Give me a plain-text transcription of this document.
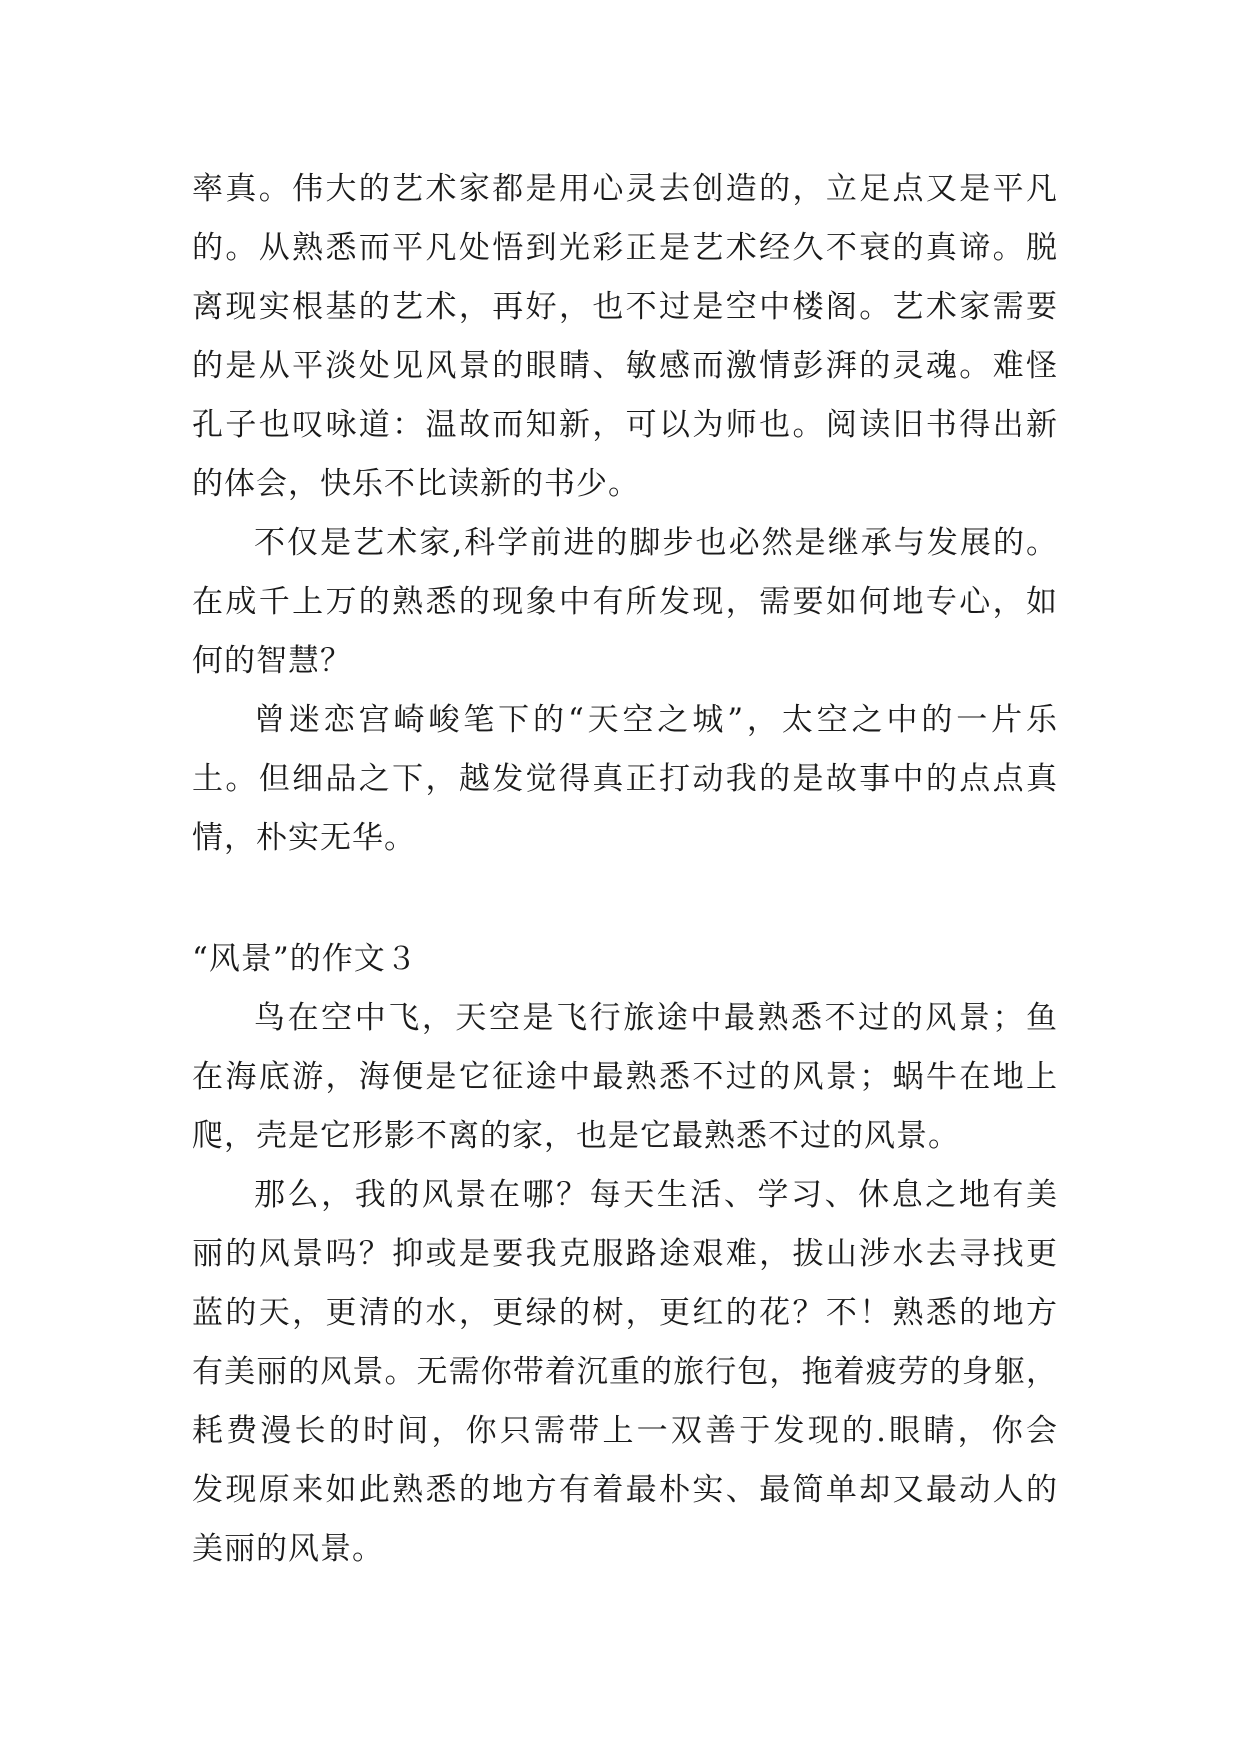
率真。伟大的艺术家都是用心灵去创造的，立足点又是平凡
的。从熟悉而平凡处悟到光彩正是艺术经久不衰的真谛。脱
离现实根基的艺术，再好，也不过是空中楼阁。艺术家需要
的是从平淡处见风景的眼睛、敏感而激情彭湃的灵魂。难怪
孔子也叹咏道：温故而知新，可以为师也。阅读旧书得出新
的体会，快乐不比读新的书少。
不仅是艺术家,科学前进的脚步也必然是继承与发展的。
在成千上万的熟悉的现象中有所发现，需要如何地专心，如
何的智慧？
曾迷恋宫崎峻笔下的“天空之城”，太空之中的一片乐
土。但细品之下，越发觉得真正打动我的是故事中的点点真
情，朴实无华。
“风景”的作文３
鸟在空中飞，天空是飞行旅途中最熟悉不过的风景；鱼
在海底游，海便是它征途中最熟悉不过的风景；蜗牛在地上
爬，壳是它形影不离的家，也是它最熟悉不过的风景。
那么，我的风景在哪？每天生活、学习、休息之地有美
丽的风景吗？抑或是要我克服路途艰难，拔山涉水去寻找更
蓝的天，更清的水，更绿的树，更红的花？不！熟悉的地方
有美丽的风景。无需你带着沉重的旅行包，拖着疲劳的身躯，
耗费漫长的时间，你只需带上一双善于发现的.眼睛，你会
发现原来如此熟悉的地方有着最朴实、最简单却又最动人的
美丽的风景。
